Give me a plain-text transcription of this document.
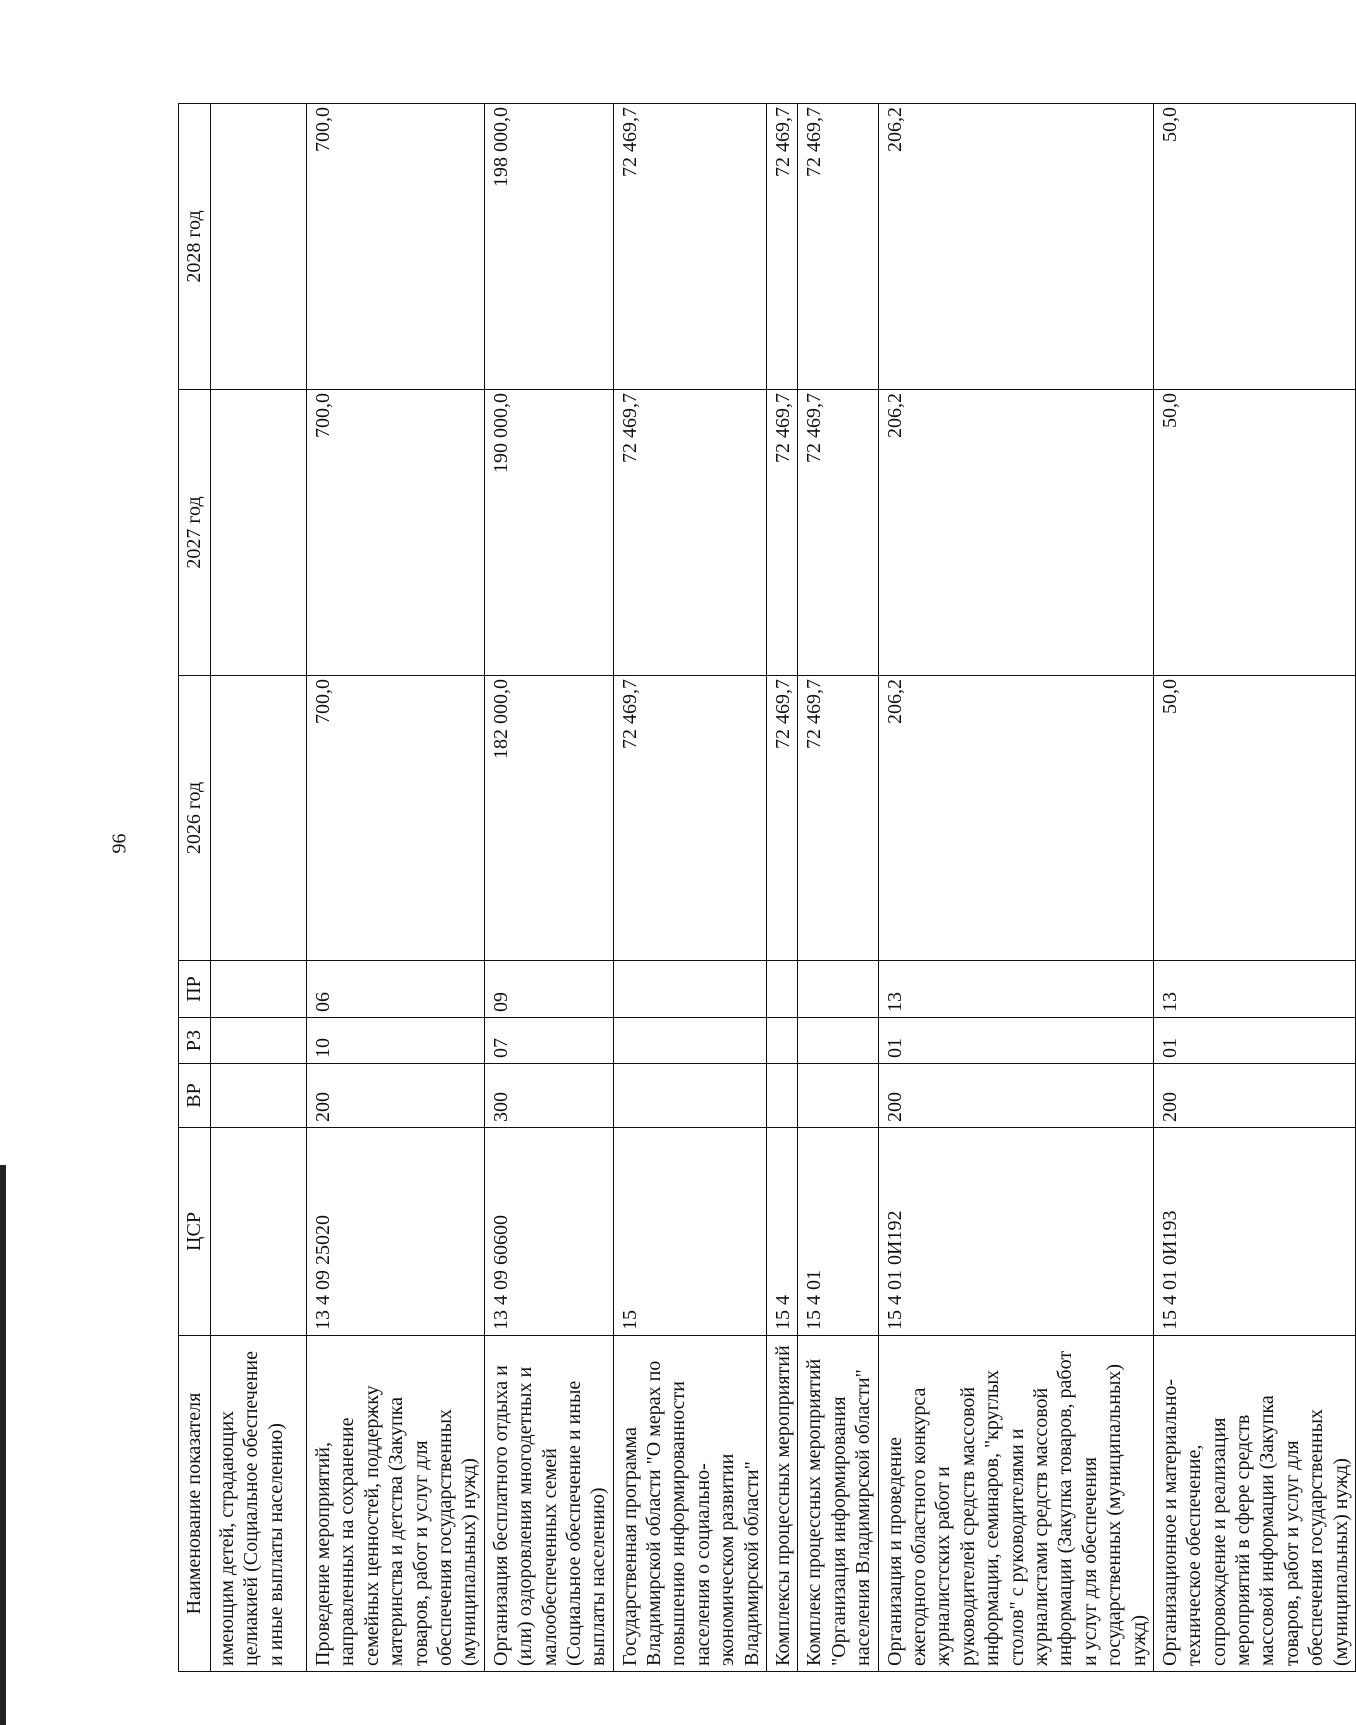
96
Наименование показателя	ЦСР	ВР	РЗ	ПР	2026 год	2027 год	2028 год
имеющим детей, страдающих целиакией (Социальное обеспечение и иные выплаты населению)							
Проведение мероприятий, направленных на сохранение семейных ценностей, поддержку материнства и детства (Закупка товаров, работ и услуг для обеспечения государственных (муниципальных) нужд)	13 4 09 25020	200	10	06	700,0	700,0	700,0
Организация бесплатного отдыха и (или) оздоровления многодетных и малообеспеченных семей (Социальное обеспечение и иные выплаты населению)	13 4 09 60600	300	07	09	182 000,0	190 000,0	198 000,0
Государственная программа Владимирской области "О мерах по повышению информированности населения о социально-экономическом развитии Владимирской области"	15				72 469,7	72 469,7	72 469,7
Комплексы процессных мероприятий	15 4				72 469,7	72 469,7	72 469,7
Комплекс процессных мероприятий "Организация информирования населения Владимирской области"	15 4 01				72 469,7	72 469,7	72 469,7
Организация и проведение ежегодного областного конкурса журналистских работ и руководителей средств массовой информации, семинаров, "круглых столов" с руководителями и журналистами средств массовой информации (Закупка товаров, работ и услуг для обеспечения государственных (муниципальных) нужд)	15 4 01 0И192	200	01	13	206,2	206,2	206,2
Организационное и материально-техническое обеспечение, сопровождение и реализация мероприятий в сфере средств массовой информации (Закупка товаров, работ и услуг для обеспечения государственных (муниципальных) нужд)	15 4 01 0И193	200	01	13	50,0	50,0	50,0
